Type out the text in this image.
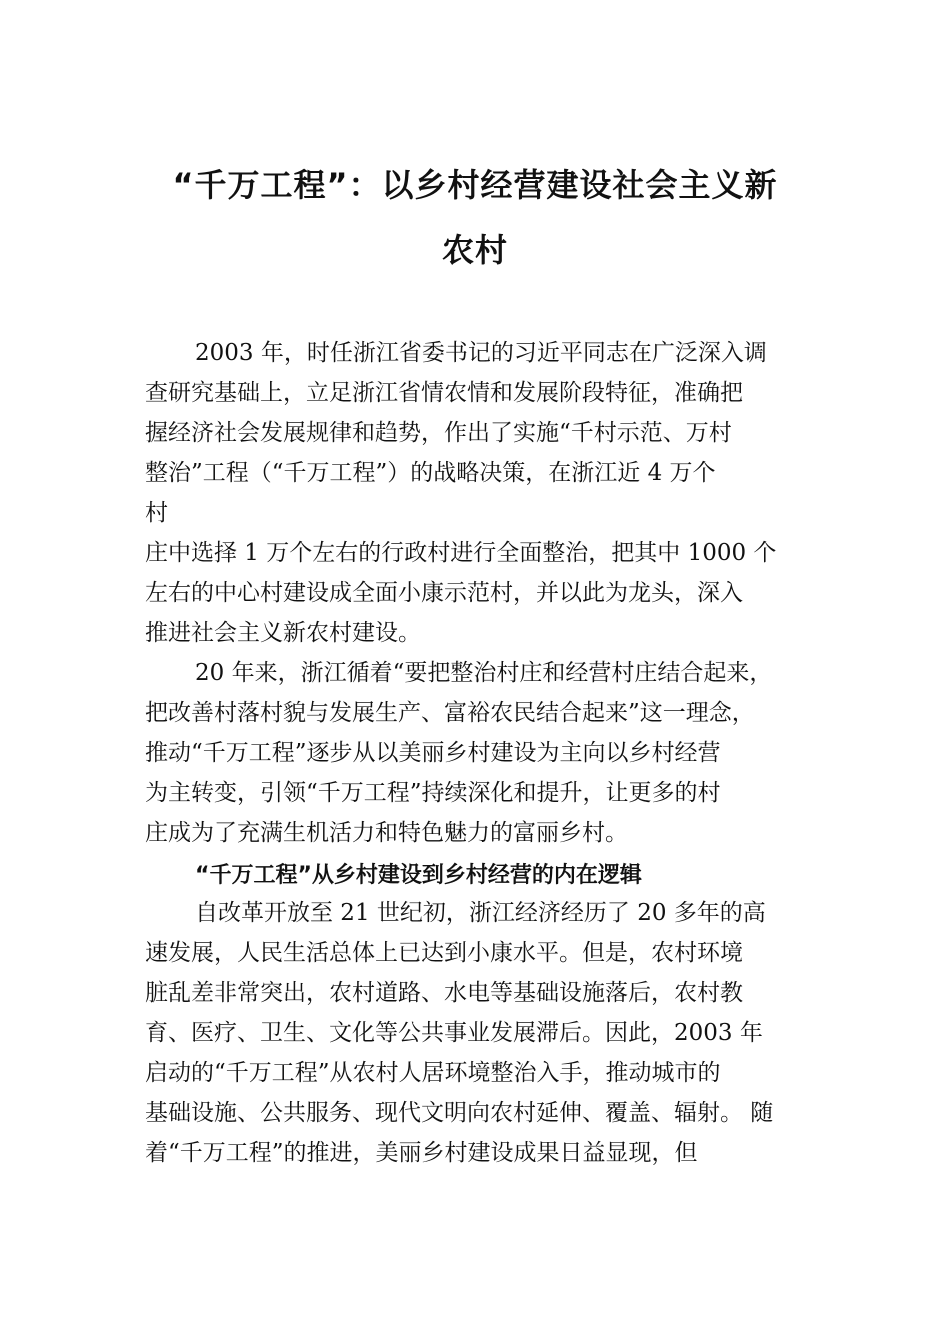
“千万工程”：以乡村经营建设社会主义新
农村

2003 年，时任浙江省委书记的习近平同志在广泛深入调

查研究基础上，立足浙江省情农情和发展阶段特征，准确把

握经济社会发展规律和趋势，作出了实施“千村示范、万村

整治”工程（“千万工程”）的战略决策，在浙江近 4 万个

村

庄中选择 1 万个左右的行政村进行全面整治，把其中 1000 个

左右的中心村建设成全面小康示范村，并以此为龙头，深入

推进社会主义新农村建设。

20 年来，浙江循着“要把整治村庄和经营村庄结合起来，

把改善村落村貌与发展生产、富裕农民结合起来”这一理念，

推动“千万工程”逐步从以美丽乡村建设为主向以乡村经营

为主转变，引领“千万工程”持续深化和提升，让更多的村

庄成为了充满生机活力和特色魅力的富丽乡村。

“千万工程”从乡村建设到乡村经营的内在逻辑

自改革开放至 21 世纪初，浙江经济经历了 20 多年的高

速发展，人民生活总体上已达到小康水平。但是，农村环境

脏乱差非常突出，农村道路、水电等基础设施落后，农村教

育、医疗、卫生、文化等公共事业发展滞后。因此，2003 年

启动的“千万工程”从农村人居环境整治入手，推动城市的

基础设施、公共服务、现代文明向农村延伸、覆盖、辐射。 随

着“千万工程”的推进，美丽乡村建设成果日益显现，但
